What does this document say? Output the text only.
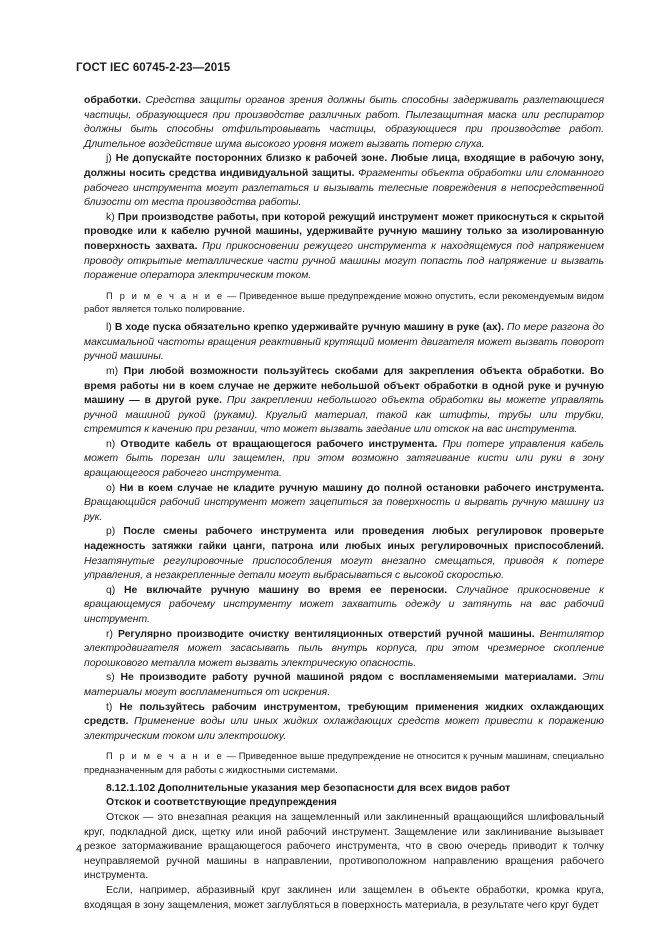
ГОСТ IEC 60745-2-23—2015

обработки. Средства защиты органов зрения должны быть способны задерживать разлетающиеся частицы, образующиеся при производстве различных работ. Пылезащитная маска или респиратор должны быть способны отфильтровывать частицы, образующиеся при производстве работ. Длительное воздействие шума высокого уровня может вызвать потерю слуха.

j) Не допускайте посторонних близко к рабочей зоне. Любые лица, входящие в рабочую зону, должны носить средства индивидуальной защиты. Фрагменты объекта обработки или сломанного рабочего инструмента могут разлетаться и вызывать телесные повреждения в непосредственной близости от места производства работы.

k) При производстве работы, при которой режущий инструмент может прикоснуться к скрытой проводке или к кабелю ручной машины, удерживайте ручную машину только за изолированную поверхность захвата. При прикосновении режущего инструмента к находящемуся под напряжением проводу открытые металлические части ручной машины могут попасть под напряжение и вызвать поражение оператора электрическим током.

П р и м е ч а н и е — Приведенное выше предупреждение можно опустить, если рекомендуемым видом работ является только полирование.

l) В ходе пуска обязательно крепко удерживайте ручную машину в руке (ах). По мере разгона до максимальной частоты вращения реактивный крутящий момент двигателя может вызвать поворот ручной машины.

m) При любой возможности пользуйтесь скобами для закрепления объекта обработки. Во время работы ни в коем случае не держите небольшой объект обработки в одной руке и ручную машину — в другой руке. При закреплении небольшого объекта обработки вы можете управлять ручной машиной рукой (руками). Круглый материал, такой как штифты, трубы или трубки, стремится к качению при резании, что может вызвать заедание или отскок на вас инструмента.

n) Отводите кабель от вращающегося рабочего инструмента. При потере управления кабель может быть порезан или защемлен, при этом возможно затягивание кисти или руки в зону вращающегося рабочего инструмента.

o) Ни в коем случае не кладите ручную машину до полной остановки рабочего инструмента. Вращающийся рабочий инструмент может зацепиться за поверхность и вырвать ручную машину из рук.

p) После смены рабочего инструмента или проведения любых регулировок проверьте надежность затяжки гайки цанги, патрона или любых иных регулировочных приспособлений. Незатянутые регулировочные приспособления могут внезапно смещаться, приводя к потере управления, а незакрепленные детали могут выбрасываться с высокой скоростью.

q) Не включайте ручную машину во время ее переноски. Случайное прикосновение к вращающемуся рабочему инструменту может захватить одежду и затянуть на вас рабочий инструмент.

r) Регулярно производите очистку вентиляционных отверстий ручной машины. Вентилятор электродвигателя может засасывать пыль внутрь корпуса, при этом чрезмерное скопление порошкового металла может вызвать электрическую опасность.

s) Не производите работу ручной машиной рядом с воспламеняемыми материалами. Эти материалы могут воспламениться от искрения.

t) Не пользуйтесь рабочим инструментом, требующим применения жидких охлаждающих средств. Применение воды или иных жидких охлаждающих средств может привести к поражению электрическим током или электрошоку.

П р и м е ч а н и е — Приведенное выше предупреждение не относится к ручным машинам, специально предназначенным для работы с жидкостными системами.

8.12.1.102 Дополнительные указания мер безопасности для всех видов работ

Отскок и соответствующие предупреждения

Отскок — это внезапная реакция на защемленный или заклиненный вращающийся шлифовальный круг, подкладной диск, щетку или иной рабочий инструмент. Защемление или заклинивание вызывает резкое затормаживание вращающегося рабочего инструмента, что в свою очередь приводит к толчку неуправляемой ручной машины в направлении, противоположном направлению вращения рабочего инструмента.

Если, например, абразивный круг заклинен или защемлен в объекте обработки, кромка круга, входящая в зону защемления, может заглубляться в поверхность материала, в результате чего круг будет

4
